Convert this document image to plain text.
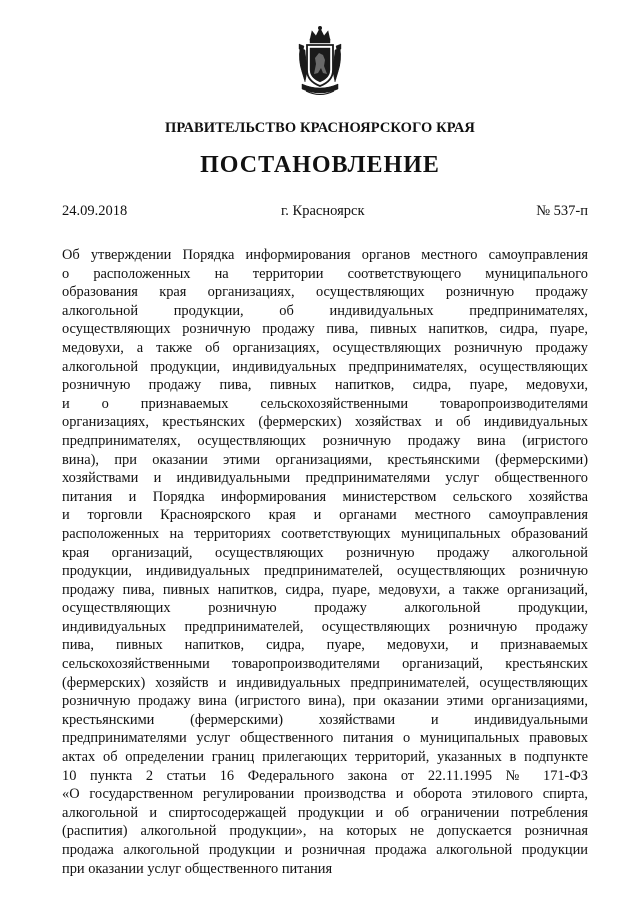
ПРАВИТЕЛЬСТВО КРАСНОЯРСКОГО КРАЯ
ПОСТАНОВЛЕНИЕ
24.09.2018	г. Красноярск	№ 537-п
Об утверждении Порядка информирования органов местного самоуправления
о расположенных на территории соответствующего муниципального
образования края организациях, осуществляющих розничную продажу
алкогольной продукции, об индивидуальных предпринимателях,
осуществляющих розничную продажу пива, пивных напитков, сидра, пуаре,
медовухи, а также об организациях, осуществляющих розничную продажу
алкогольной продукции, индивидуальных предпринимателях, осуществляющих
розничную продажу пива, пивных напитков, сидра, пуаре, медовухи,
и о признаваемых сельскохозяйственными товаропроизводителями
организациях, крестьянских (фермерских) хозяйствах и об индивидуальных
предпринимателях, осуществляющих розничную продажу вина (игристого
вина), при оказании этими организациями, крестьянскими (фермерскими)
хозяйствами и индивидуальными предпринимателями услуг общественного
питания и Порядка информирования министерством сельского хозяйства
и торговли Красноярского края и органами местного самоуправления
расположенных на территориях соответствующих муниципальных образований
края организаций, осуществляющих розничную продажу алкогольной
продукции, индивидуальных предпринимателей, осуществляющих розничную
продажу пива, пивных напитков, сидра, пуаре, медовухи, а также организаций,
осуществляющих розничную продажу алкогольной продукции,
индивидуальных предпринимателей, осуществляющих розничную продажу
пива, пивных напитков, сидра, пуаре, медовухи, и признаваемых
сельскохозяйственными товаропроизводителями организаций, крестьянских
(фермерских) хозяйств и индивидуальных предпринимателей, осуществляющих
розничную продажу вина (игристого вина), при оказании этими организациями,
крестьянскими (фермерскими) хозяйствами и индивидуальными
предпринимателями услуг общественного питания о муниципальных правовых
актах об определении границ прилегающих территорий, указанных в подпункте
10 пункта 2 статьи 16 Федерального закона от 22.11.1995 № 171-ФЗ
«О государственном регулировании производства и оборота этилового спирта,
алкогольной и спиртосодержащей продукции и об ограничении потребления
(распития) алкогольной продукции», на которых не допускается розничная
продажа алкогольной продукции и розничная продажа алкогольной продукции
при оказании услуг общественного питания
